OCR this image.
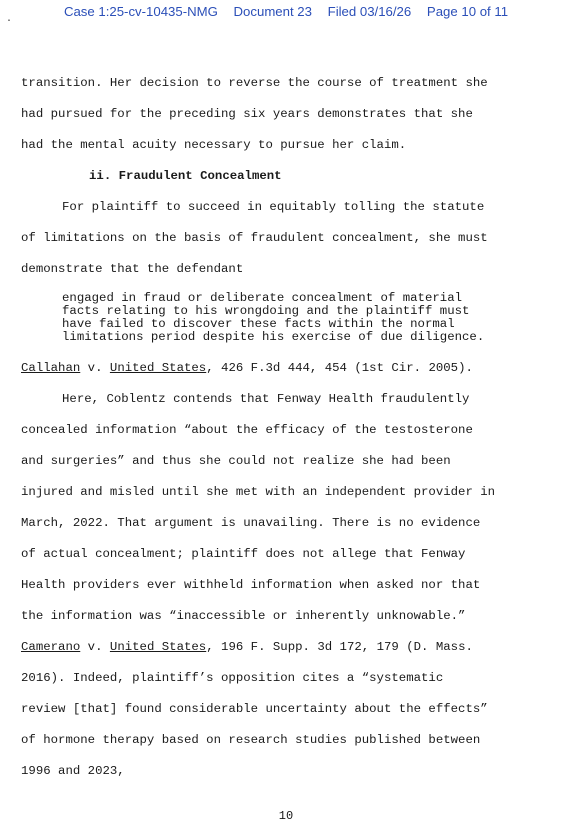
Case 1:25-cv-10435-NMG Document 23 Filed 03/16/26 Page 10 of 11
.
transition. Her decision to reverse the course of treatment she
had pursued for the preceding six years demonstrates that she
had the mental acuity necessary to pursue her claim.
ii. Fraudulent Concealment
For plaintiff to succeed in equitably tolling the statute
of limitations on the basis of fraudulent concealment, she must
demonstrate that the defendant
engaged in fraud or deliberate concealment of material
facts relating to his wrongdoing and the plaintiff must
have failed to discover these facts within the normal
limitations period despite his exercise of due diligence.
Callahan v. United States, 426 F.3d 444, 454 (1st Cir. 2005).
Here, Coblentz contends that Fenway Health fraudulently
concealed information “about the efficacy of the testosterone
and surgeries” and thus she could not realize she had been
injured and misled until she met with an independent provider in
March, 2022. That argument is unavailing. There is no evidence
of actual concealment; plaintiff does not allege that Fenway
Health providers ever withheld information when asked nor that
the information was “inaccessible or inherently unknowable.”
Camerano v. United States, 196 F. Supp. 3d 172, 179 (D. Mass.
2016). Indeed, plaintiff’s opposition cites a “systematic
review [that] found considerable uncertainty about the effects”
of hormone therapy based on research studies published between
1996 and 2023,
10
